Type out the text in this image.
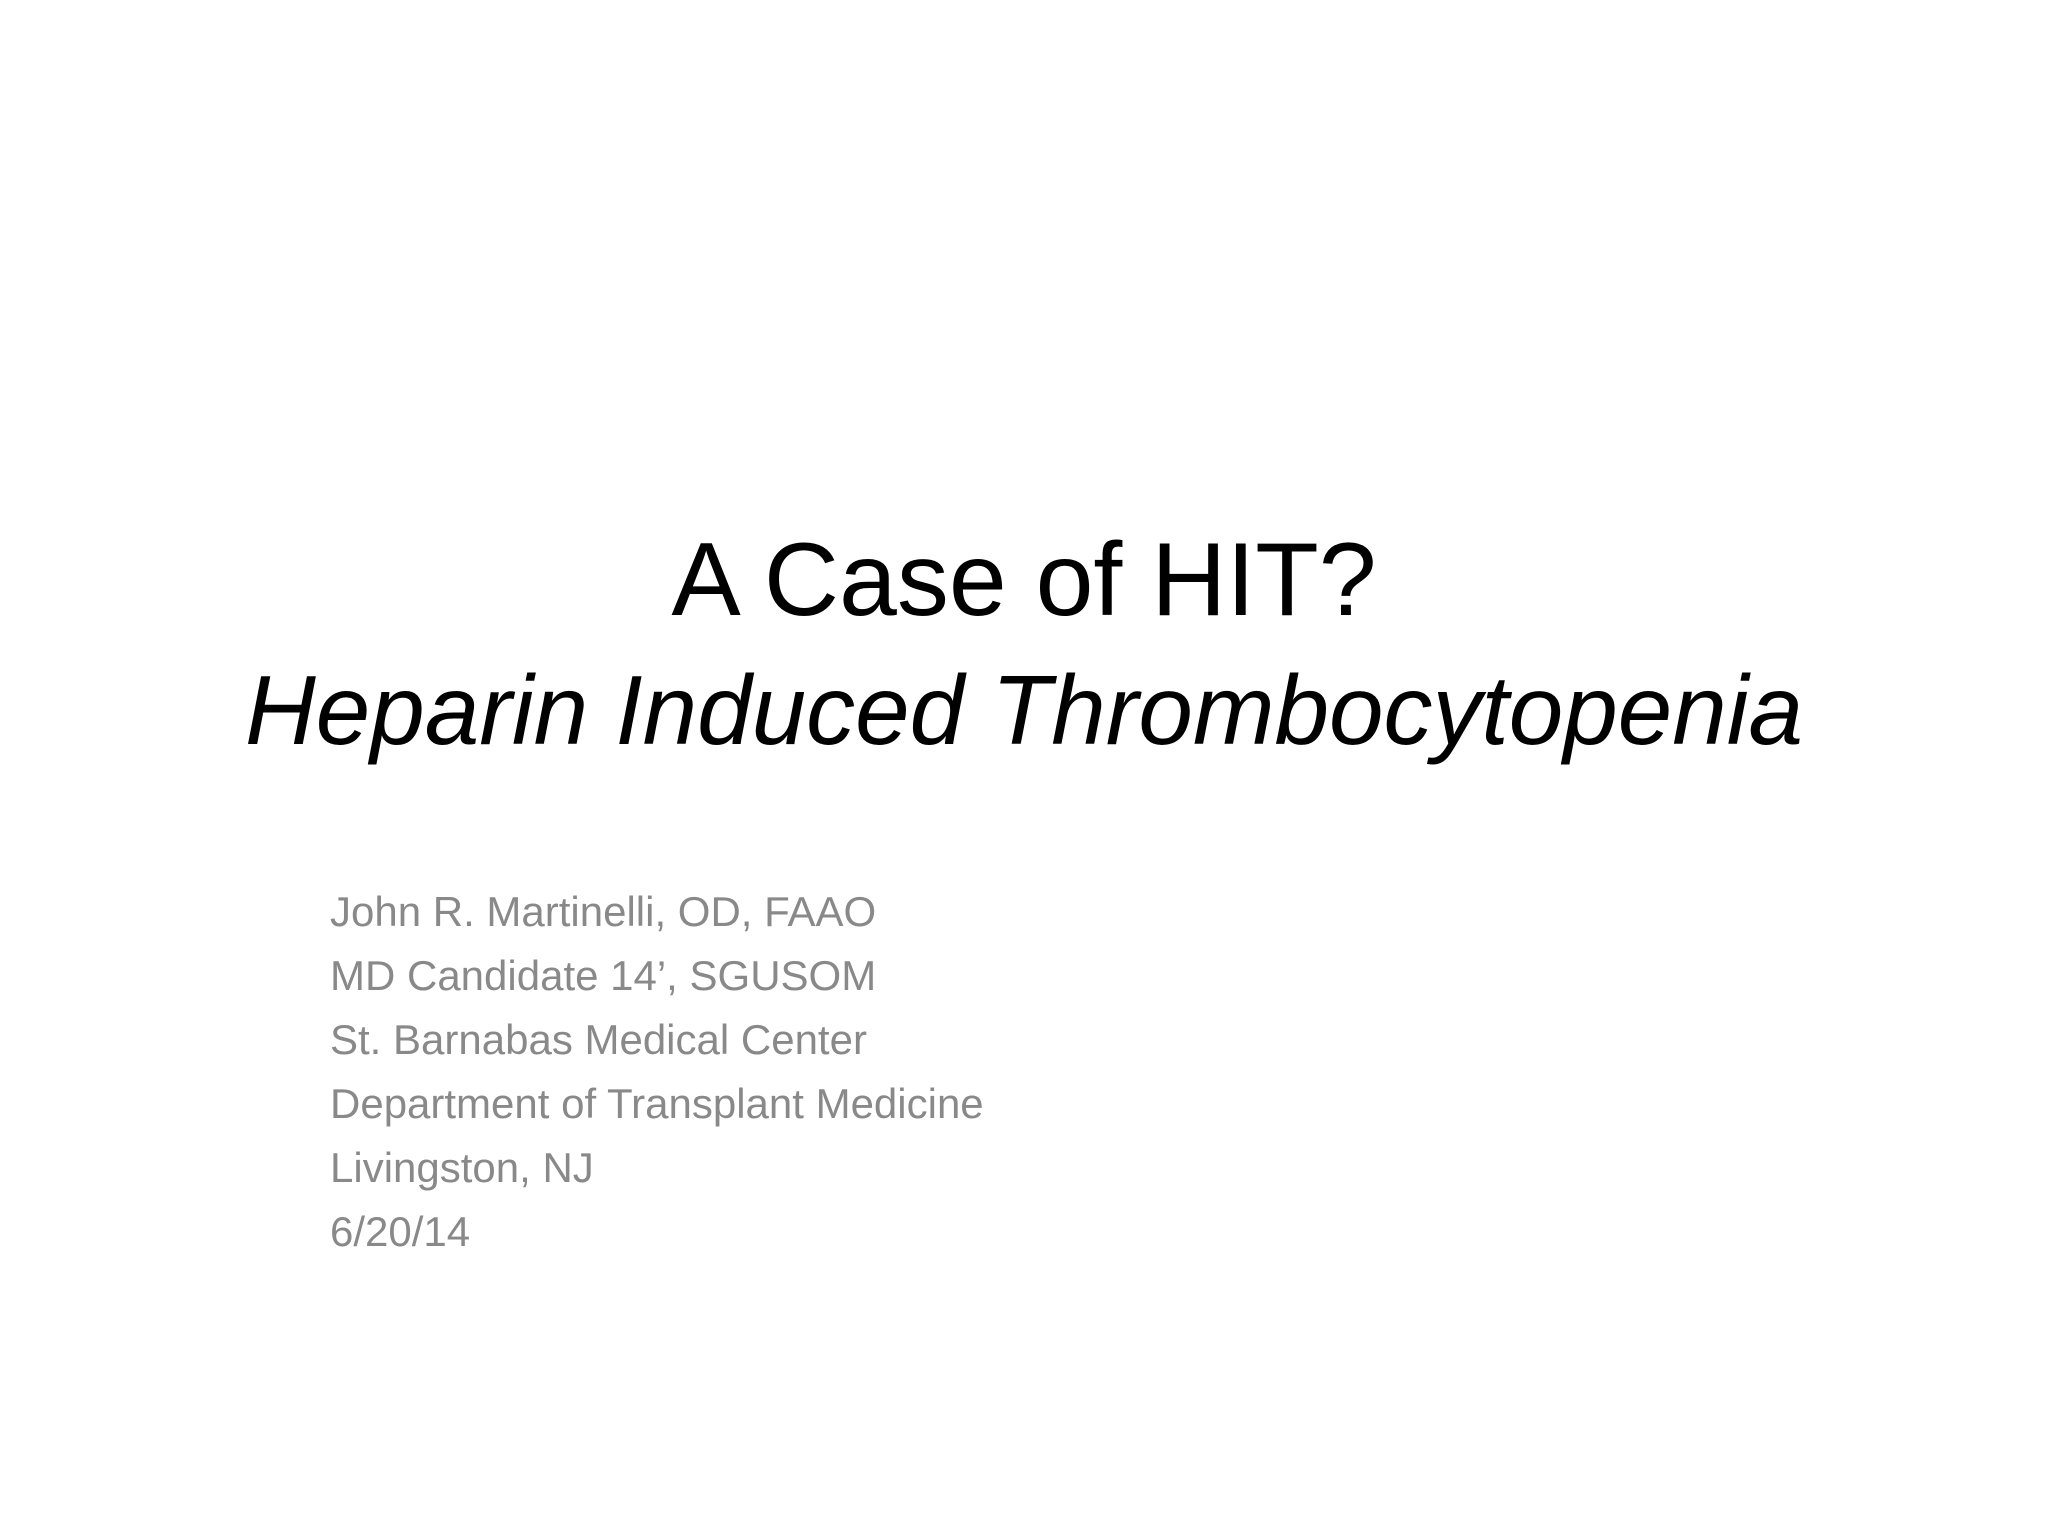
A Case of HIT?
Heparin Induced Thrombocytopenia
John R. Martinelli, OD, FAAO
MD Candidate 14’, SGUSOM
St. Barnabas Medical Center
Department of Transplant Medicine
Livingston, NJ
6/20/14
